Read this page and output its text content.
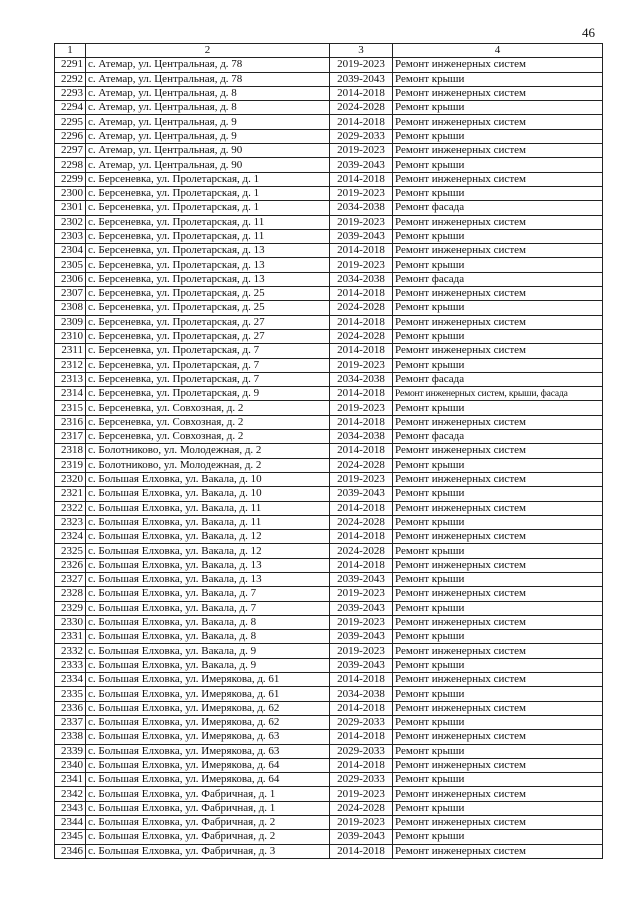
46
1	2	3	4
2291	с. Атемар, ул. Центральная, д. 78	2019-2023	Ремонт инженерных систем
2292	с. Атемар, ул. Центральная, д. 78	2039-2043	Ремонт крыши
2293	с. Атемар, ул. Центральная, д. 8	2014-2018	Ремонт инженерных систем
2294	с. Атемар, ул. Центральная, д. 8	2024-2028	Ремонт крыши
2295	с. Атемар, ул. Центральная, д. 9	2014-2018	Ремонт инженерных систем
2296	с. Атемар, ул. Центральная, д. 9	2029-2033	Ремонт крыши
2297	с. Атемар, ул. Центральная, д. 90	2019-2023	Ремонт инженерных систем
2298	с. Атемар, ул. Центральная, д. 90	2039-2043	Ремонт крыши
2299	с. Берсеневка, ул. Пролетарская, д. 1	2014-2018	Ремонт инженерных систем
2300	с. Берсеневка, ул. Пролетарская, д. 1	2019-2023	Ремонт крыши
2301	с. Берсеневка, ул. Пролетарская, д. 1	2034-2038	Ремонт фасада
2302	с. Берсеневка, ул. Пролетарская, д. 11	2019-2023	Ремонт инженерных систем
2303	с. Берсеневка, ул. Пролетарская, д. 11	2039-2043	Ремонт крыши
2304	с. Берсеневка, ул. Пролетарская, д. 13	2014-2018	Ремонт инженерных систем
2305	с. Берсеневка, ул. Пролетарская, д. 13	2019-2023	Ремонт крыши
2306	с. Берсеневка, ул. Пролетарская, д. 13	2034-2038	Ремонт фасада
2307	с. Берсеневка, ул. Пролетарская, д. 25	2014-2018	Ремонт инженерных систем
2308	с. Берсеневка, ул. Пролетарская, д. 25	2024-2028	Ремонт крыши
2309	с. Берсеневка, ул. Пролетарская, д. 27	2014-2018	Ремонт инженерных систем
2310	с. Берсеневка, ул. Пролетарская, д. 27	2024-2028	Ремонт крыши
2311	с. Берсеневка, ул. Пролетарская, д. 7	2014-2018	Ремонт инженерных систем
2312	с. Берсеневка, ул. Пролетарская, д. 7	2019-2023	Ремонт крыши
2313	с. Берсеневка, ул. Пролетарская, д. 7	2034-2038	Ремонт фасада
2314	с. Берсеневка, ул. Пролетарская, д. 9	2014-2018	Ремонт инженерных систем, крыши, фасада
2315	с. Берсеневка, ул. Совхозная, д. 2	2019-2023	Ремонт крыши
2316	с. Берсеневка, ул. Совхозная, д. 2	2014-2018	Ремонт инженерных систем
2317	с. Берсеневка, ул. Совхозная, д. 2	2034-2038	Ремонт фасада
2318	с. Болотниково, ул. Молодежная, д. 2	2014-2018	Ремонт инженерных систем
2319	с. Болотниково, ул. Молодежная, д. 2	2024-2028	Ремонт крыши
2320	с. Большая Елховка, ул. Вакала, д. 10	2019-2023	Ремонт инженерных систем
2321	с. Большая Елховка, ул. Вакала, д. 10	2039-2043	Ремонт крыши
2322	с. Большая Елховка, ул. Вакала, д. 11	2014-2018	Ремонт инженерных систем
2323	с. Большая Елховка, ул. Вакала, д. 11	2024-2028	Ремонт крыши
2324	с. Большая Елховка, ул. Вакала, д. 12	2014-2018	Ремонт инженерных систем
2325	с. Большая Елховка, ул. Вакала, д. 12	2024-2028	Ремонт крыши
2326	с. Большая Елховка, ул. Вакала, д. 13	2014-2018	Ремонт инженерных систем
2327	с. Большая Елховка, ул. Вакала, д. 13	2039-2043	Ремонт крыши
2328	с. Большая Елховка, ул. Вакала, д. 7	2019-2023	Ремонт инженерных систем
2329	с. Большая Елховка, ул. Вакала, д. 7	2039-2043	Ремонт крыши
2330	с. Большая Елховка, ул. Вакала, д. 8	2019-2023	Ремонт инженерных систем
2331	с. Большая Елховка, ул. Вакала, д. 8	2039-2043	Ремонт крыши
2332	с. Большая Елховка, ул. Вакала, д. 9	2019-2023	Ремонт инженерных систем
2333	с. Большая Елховка, ул. Вакала, д. 9	2039-2043	Ремонт крыши
2334	с. Большая Елховка, ул. Имерякова, д. 61	2014-2018	Ремонт инженерных систем
2335	с. Большая Елховка, ул. Имерякова, д. 61	2034-2038	Ремонт крыши
2336	с. Большая Елховка, ул. Имерякова, д. 62	2014-2018	Ремонт инженерных систем
2337	с. Большая Елховка, ул. Имерякова, д. 62	2029-2033	Ремонт крыши
2338	с. Большая Елховка, ул. Имерякова, д. 63	2014-2018	Ремонт инженерных систем
2339	с. Большая Елховка, ул. Имерякова, д. 63	2029-2033	Ремонт крыши
2340	с. Большая Елховка, ул. Имерякова, д. 64	2014-2018	Ремонт инженерных систем
2341	с. Большая Елховка, ул. Имерякова, д. 64	2029-2033	Ремонт крыши
2342	с. Большая Елховка, ул. Фабричная, д. 1	2019-2023	Ремонт инженерных систем
2343	с. Большая Елховка, ул. Фабричная, д. 1	2024-2028	Ремонт крыши
2344	с. Большая Елховка, ул. Фабричная, д. 2	2019-2023	Ремонт инженерных систем
2345	с. Большая Елховка, ул. Фабричная, д. 2	2039-2043	Ремонт крыши
2346	с. Большая Елховка, ул. Фабричная, д. 3	2014-2018	Ремонт инженерных систем
